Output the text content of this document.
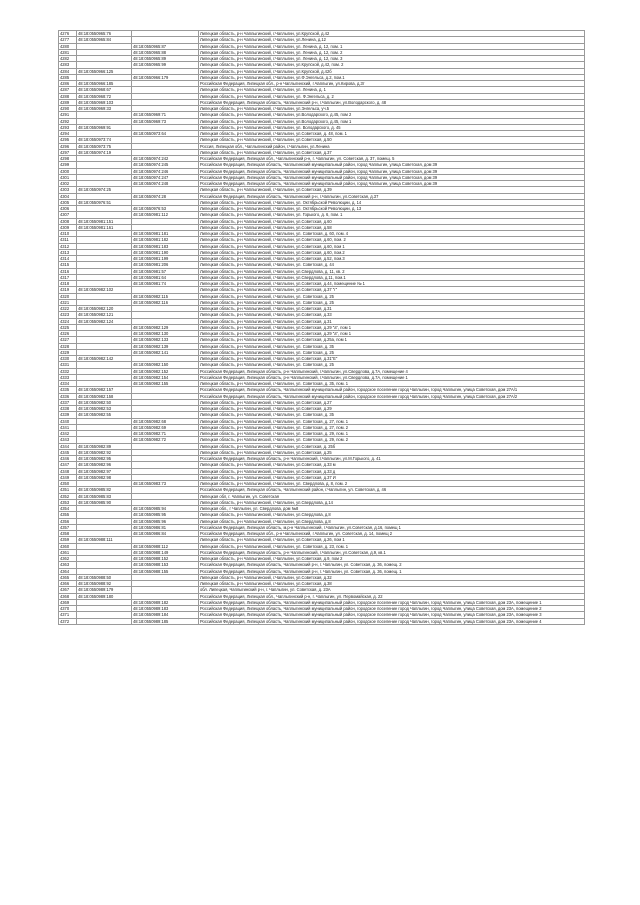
4276	48:18:0550965:76		Липецкая область, р-н Чаплыгинский, г.Чаплыгин, ул.Крупской, д.42
4277	48:18:0550965:84		Липецкая область, р-н Чаплыгинский, г.Чаплыгин, ул.Ленина, д.12
4280		48:18:0550965:87	Липецкая область, р-н Чаплыгинский, г.Чаплыгин, ул. Ленина, д. 12, пом. 1
4281		48:18:0550965:88	Липецкая область, р-н Чаплыгинский, г.Чаплыгин, ул. Ленина, д. 12, пом. 2
4282		48:18:0550965:89	Липецкая область, р-н Чаплыгинский, г.Чаплыгин, ул. Ленина, д. 12, пом. 3
4283		48:18:0550965:99	Липецкая область, р-н Чаплыгинский, г.Чаплыгин, ул.Крупской, д.42, пом. 2
4284	48:18:0550966:125		Липецкая область, р-н Чаплыгинский, г.Чаплыгин, ул.Крупской, д.42б
4285		48:18:0550966:179	Липецкая область, р-н Чаплыгинский, г.Чаплыгин, ул.Ф.Энгельса, д.2, пом.1
4286	48:18:0550966:185		Российская Федерация, Липецкая обл., р-н Чаплыгинский, г.Чаплыгин, ул.Кирова, д.3т
4287	48:18:0550968:67		Липецкая область, р-н Чаплыгинский, г.Чаплыгин, ул. Ленина, д. 1
4288	48:18:0550968:72		Липецкая область, р-н Чаплыгинский, г.Чаплыгин, ул. Ф.Энгельса, д. 2
4289	48:18:0550969:103		Российская Федерация, Липецкая область, Чаплыгинский р-н, г.Чаплыгин, ул.Володарского, д. 48
4290	48:18:0550969:33		Липецкая область, р-н Чаплыгинский, г.Чаплыгин, ул.Энгельса, уч.5
4291		48:18:0550969:71	Липецкая область, р-н Чаплыгинский, г.Чаплыгин, ул.Володарского, д.45, пом 2
4292		48:18:0550969:73	Липецкая область, р-н Чаплыгинский, г.Чаплыгин, ул.Володарского, д.45, пом 1
4293	48:18:0550969:91		Липецкая область, р-н Чаплыгинский, г.Чаплыгин, ул. Володарского, д. 45
4294		48:18:0550973:64	Липецкая область, р-н Чаплыгинский, г.Чаплыгин, ул.Советская, д. 48, пом. 1
4295	48:18:0550973:74		Липецкая область, р-н Чаплыгинский, г.Чаплыгин, ул.Советская, д.50
4296	48:18:0550973:75		Россия, Липецкая обл., Чаплыгинский район, г.Чаплыгин, ул.Ленина
4297	48:18:0550974:19		Липецкая область, р-н Чаплыгинский, г.Чаплыгин, ул.Советская, д.37
4298		48:18:0550974:242	Российская Федерация, Липецкая обл., Чаплыгинский р-н, г. Чаплыгин, ул. Советская, д. 37, помещ. 5
4299		48:18:0550974:245	Российская Федерация, Липецкая область, Чаплыгинский муниципальный район, город Чаплыгин, улица Советская, дом 39
4300		48:18:0550974:246	Российская Федерация, Липецкая область, Чаплыгинский муниципальный район, город Чаплыгин, улица Советская, дом 39
4301		48:18:0550974:247	Российская Федерация, Липецкая область, Чаплыгинский муниципальный район, город Чаплыгин, улица Советская, дом 39
4302		48:18:0550974:248	Российская Федерация, Липецкая область, Чаплыгинский муниципальный район, город Чаплыгин, улица Советская, дом 39
4303	48:18:0550974:25		Липецкая область, р-н Чаплыгинский, г.Чаплыгин, ул.Советская, д.39
4304		48:18:0550974:28	Российская Федерация, Липецкая область, Чаплыгинский р-н, г.Чаплыгин, ул.Советская, д.37
4305	48:18:0550976:51		Липецкая область, р-н Чаплыгинский, г.Чаплыгин, ул. Октябрьской Революции, д. 14
4306		48:18:0550976:53	Липецкая область, р-н Чаплыгинский, г.Чаплыгин, ул. Октябрьской Революции, д. 13
4307		48:18:0550981:112	Липецкая область, р-н Чаплыгинский, г.Чаплыгин, ул. Горького, д. 6, пом. 1
4308	48:18:0550981:151		Липецкая область, р-н Чаплыгинский, г.Чаплыгин, ул.Советская, д.60
4309	48:18:0550981:161		Липецкая область, р-н Чаплыгинский, г.Чаплыгин, ул.Советская, д.58
4310		48:18:0550981:181	Липецкая область, р-н Чаплыгинский, г.Чаплыгин, ул. Советская, д. 60, пом. 4
4311		48:18:0550981:182	Липецкая область, р-н Чаплыгинский, г.Чаплыгин, ул.Советская, д.60, пом. 2
4312		48:18:0550981:183	Липецкая область, р-н Чаплыгинский, г.Чаплыгин, ул.Советская, д.60, пом 1
4313		48:18:0550981:190	Липецкая область, р-н Чаплыгинский, г.Чаплыгин, ул.Советская, д.60, пом.2
4314		48:18:0550981:199	Липецкая область, р-н Чаплыгинский, г.Чаплыгин, ул.Советская, д.52, пом.3
4315		48:18:0550981:206	Липецкая область, р-н Чаплыгинский, г.Чаплыгин, ул. Советская, д. 44
4316		48:18:0550981:57	Липецкая область, р-н Чаплыгинский, г.Чаплыгин, ул.Свердлова, д. 11, кв. 2
4317		48:18:0550981:64	Липецкая область, р-н Чаплыгинский, г.Чаплыгин, ул.Свердлова, д.11, пом.1
4318		48:18:0550981:74	Липецкая область, р-н Чаплыгинский, г.Чаплыгин, ул.Советская, д.44, помещение № 1
4319	48:18:0550982:102		Липецкая область, р-н Чаплыгинский, г.Чаплыгин, ул.Советская, д.37 "г"
4320		48:18:0550982:115	Липецкая область, р-н Чаплыгинский, г.Чаплыгин, ул. Советская, д. 25
4321		48:18:0550982:116	Липецкая область, р-н Чаплыгинский, г.Чаплыгин, ул. Советская, д. 25
4322	48:18:0550982:120		Липецкая область, р-н Чаплыгинский, г.Чаплыгин, ул.Советская, д.31
4323	48:18:0550982:121		Липецкая область, р-н Чаплыгинский, г.Чаплыгин, ул.Советская, д.33
4324	48:18:0550982:124		Липецкая область, р-н Чаплыгинский, г.Чаплыгин, ул.Советская, д.31
4325		48:18:0550982:129	Липецкая область, р-н Чаплыгинский, г.Чаплыгин, ул.Советская, д.29 "а", пом 1
4326		48:18:0550982:130	Липецкая область, р-н Чаплыгинский, г.Чаплыгин, ул.Советская, д.29 "а", пом 1
4327		48:18:0550982:133	Липецкая область, р-н Чаплыгинский, г.Чаплыгин, ул.Советская, д.25а, пом 1
4328		48:18:0550982:139	Липецкая область, р-н Чаплыгинский, г.Чаплыгин, ул. Советская, д. 35
4329		48:18:0550982:141	Липецкая область, р-н Чаплыгинский, г.Чаплыгин, ул. Советская, д. 25
4330	48:18:0550982:142		Липецкая область, р-н Чаплыгинский, г.Чаплыгин, ул.Советская, д.31"Е"
4331		48:18:0550982:150	Липецкая область, р-н Чаплыгинский, г.Чаплыгин, ул. Советская, д. 25
4332		48:18:0550982:152	Российская Федерация, Липецкая область, р-н Чаплыгинский, г.Чаплыгин, ул.Свердлова, д.7А, помещение 4
4333		48:18:0550982:154	Российская Федерация, Липецкая область, р-н Чаплыгинский, г.Чаплыгин, ул.Свердлова, д.7А, помещение 1
4334		48:18:0550982:155	Липецкая область, р-н Чаплыгинский, г.Чаплыгин, ул. Советская, д. 35, пом. 1
4335	48:18:0550982:157		Российская Федерация, Липецкая область, Чаплыгинский муниципальный район, городское поселение город Чаплыгин, город Чаплыгин, улица Советская, дом 27А/1
4336	48:18:0550982:158		Российская Федерация, Липецкая область, Чаплыгинский муниципальный район, городское поселение город Чаплыгин, город Чаплыгин, улица Советская, дом 27А/2
4337	48:18:0550982:50		Липецкая область, р-н Чаплыгинский, г.Чаплыгин, ул.Советская, д.27
4338	48:18:0550982:53		Липецкая область, р-н Чаплыгинский, г.Чаплыгин, ул.Советская, д.29
4339	48:18:0550982:55		Липецкая область, р-н Чаплыгинский, г.Чаплыгин, ул. Советская, д. 35
4340		48:18:0550982:68	Липецкая область, р-н Чаплыгинский, г.Чаплыгин, ул. Советская, д. 27, пом. 1
4341		48:18:0550982:69	Липецкая область, р-н Чаплыгинский, г.Чаплыгин, ул. Советская, д. 27, пом. 2
4342		48:18:0550982:71	Липецкая область, р-н Чаплыгинский, г.Чаплыгин, ул. Советская, д. 29, пом. 1
4343		48:18:0550982:72	Липецкая область, р-н Чаплыгинский, г.Чаплыгин, ул. Советская, д. 29, пом. 2
4344	48:18:0550982:89		Липецкая область, р-н Чаплыгинский, г.Чаплыгин, ул.Советская, д. 25б
4345	48:18:0550982:92		Липецкая область, р-н Чаплыгинский, г.Чаплыгин, ул.Советская, д.25
4346	48:18:0550982:95		Российская Федерация, Липецкая область, р-н Чаплыгинский, г.Чаплыгин, ул.М.Горького, д. 41
4347	48:18:0550982:96		Липецкая область, р-н Чаплыгинский, г.Чаплыгин, ул.Советская, д.33 м
4348	48:18:0550982:97		Липецкая область, р-н Чаплыгинский, г.Чаплыгин, ул.Советская, д.33 д
4349	48:18:0550982:98		Липецкая область, р-н Чаплыгинский, г.Чаплыгин, ул.Советская, д.37 И
4350		48:18:0550983:73	Липецкая область, р-н Чаплыгинский, г.Чаплыгин, ул. Свердлова, д. 8, пом. 2
4351	48:18:0550985:82		Российская Федерация, Липецкая область, Чаплыгинский район, г.Чаплыгин, ул. Советская, д. 46
4352	48:18:0550985:83		Липецкая обл, г. Чаплыгин, ул. Советская
4353	48:18:0550985:90		Липецкая область, р-н Чаплыгинский, г.Чаплыгин, ул.Свердлова, д.14
4354		48:18:0550985:94	Липецкая обл., г Чаплыгин, ул. Свердлова, дом №8
4355		48:18:0550985:95	Липецкая область, р-н Чаплыгинский, г.Чаплыгин, ул.Свердлова, д.8
4356		48:18:0550985:96	Липецкая область, р-н Чаплыгинский, г.Чаплыгин, ул.Свердлова, д.8
4357		48:18:0550986:81	Российская Федерация, Липецкая область, м.р-н Чаплыгинский, г.Чаплыгин, ул.Советская, д.16, помещ 1
4358		48:18:0550986:84	Российская Федерация, Липецкая обл., р-н Чаплыгинский, г.Чаплыгин, ул. Советская, д. 14, помещ 2
4359	48:18:0550988:111		Липецкая область, р-н Чаплыгинский, г.Чаплыгин, ул.Советская, д.26, пом 1
4360		48:18:0550988:112	Липецкая область, р-н Чаплыгинский, г.Чаплыгин, ул. Советская, д. 23, пом. 1
4361		48:18:0550988:149	Российская Федерация, Липецкая область, р-н Чаплыгинский, г.Чаплыгин, ул.Советская, д.9, кв.1
4362		48:18:0550988:152	Липецкая область, р-н Чаплыгинский, г.Чаплыгин, ул.Советская, д.9, пом 2
4363		48:18:0550988:153	Российская Федерация, Липецкая область, Чаплыгинский р-н, г. Чаплыгин, ул. Советская, д. 36, помещ. 2
4364		48:18:0550988:155	Российская Федерация, Липецкая область, Чаплыгинский р-н, г. Чаплыгин, ул. Советская, д. 36, помещ. 1
4365	48:18:0550988:50		Липецкая область, р-н Чаплыгинский, г.Чаплыгин, ул.Советская, д.32
4366	48:18:0550988:92		Липецкая область, р-н Чаплыгинский, г.Чаплыгин, ул.Советская, д.38
4367	48:18:0550989:179		обл. Липецкая, Чаплыгинский р-н, г. Чаплыгин, ул. Советская, д. 23А
4368	48:18:0550989:180		Российская Федерация, Липецкая обл., Чаплыгинский р-н, г. Чаплыгин, ул. Первомайская, д. 22
4369		48:18:0550989:182	Российская Федерация, Липецкая область, Чаплыгинский муниципальный район, городское поселение город Чаплыгин, город Чаплыгин, улица Советская, дом 23А, помещение 1
4370		48:18:0550989:183	Российская Федерация, Липецкая область, Чаплыгинский муниципальный район, городское поселение город Чаплыгин, город Чаплыгин, улица Советская, дом 23А, помещение 2
4371		48:18:0550989:184	Российская Федерация, Липецкая область, Чаплыгинский муниципальный район, городское поселение город Чаплыгин, город Чаплыгин, улица Советская, дом 23А, помещение 3
4372		48:18:0550989:185	Российская Федерация, Липецкая область, Чаплыгинский муниципальный район, городское поселение город Чаплыгин, город Чаплыгин, улица Советская, дом 23А, помещение 4
